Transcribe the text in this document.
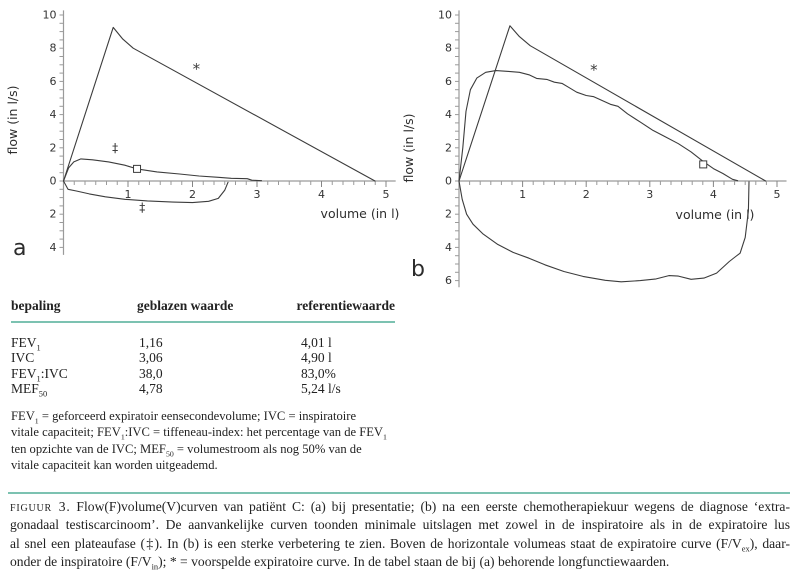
1	2	3	4	5
10
8
6
4
2
0
2
4
volume (in l)
flow (in l/s)
*
‡
‡
1	2	3	4	5
10
8
6
4
2
0
2
4
6
volume (in l)
flow (in l/s)
*
a
b
bepaling	geblazen waarde	referentiewaarde
$FEV_1$	1,16	4,01 l
IVC	3,06	4,90 l
$FEV_1:IVC$	38,0	83,0%
$MEF_{50}$	4,78	5,24 l/s
$FEV_1$ = geforceerd expiratoir eensecondevolume; IVC = inspiratoire
vitale capaciteit; $FEV_1:IVC$ = tiffeneau-index: het percentage van de $FEV_1$
ten opzichte van de IVC; $MEF_{50}$ = volumestroom als nog 50% van de
vitale capaciteit kan worden uitgeademd.
figuur 3. Flow(F)volume(V)curven van patiënt C: (a) bij presentatie; (b) na een eerste chemotherapiekuur wegens de diagnose ‘extra-
gonadaal testiscarcinoom’. De aanvankelijke curven toonden minimale uitslagen met zowel in de inspiratoire als in de expiratoire lus
al snel een plateaufase (‡). In (b) is een sterke verbetering te zien. Boven de horizontale volumeas staat de expiratoire curve $(F/V_{ex})$, daar-
onder de inspiratoire $(F/V_{in})$; * = voorspelde expiratoire curve. In de tabel staan de bij (a) behorende longfunctiewaarden.
